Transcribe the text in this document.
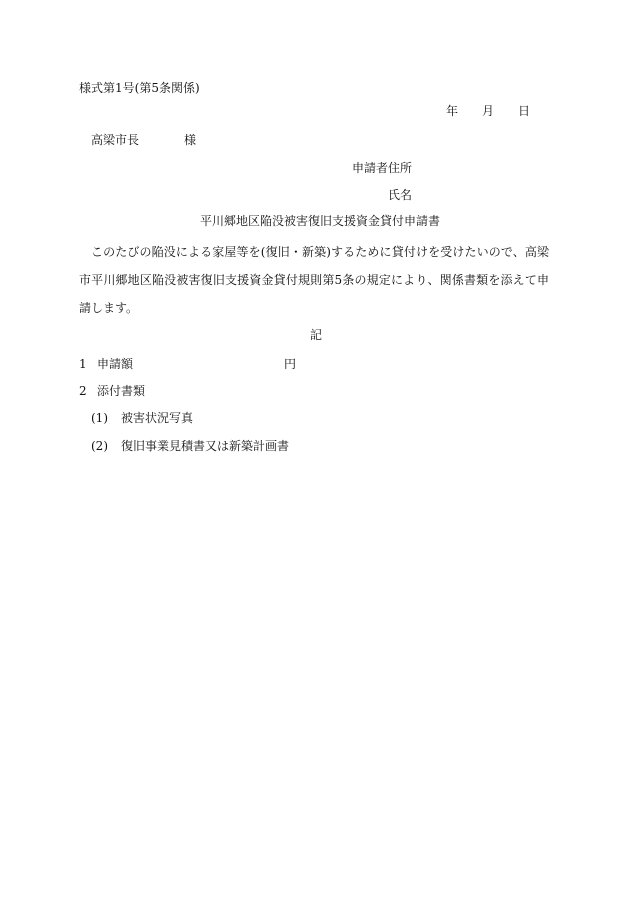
様式第1号(第5条関係)
年 月 日
高梁市長	様
申請者住所
氏名
平川郷地区陥没被害復旧支援資金貸付申請書
このたびの陥没による家屋等を(復旧・新築)するために貸付けを受けたいので、高梁市平川郷地区陥没被害復旧支援資金貸付規則第5条の規定により、関係書類を添えて申請します。
記
1 申請額	円
2 添付書類
(1) 被害状況写真
(2) 復旧事業見積書又は新築計画書
